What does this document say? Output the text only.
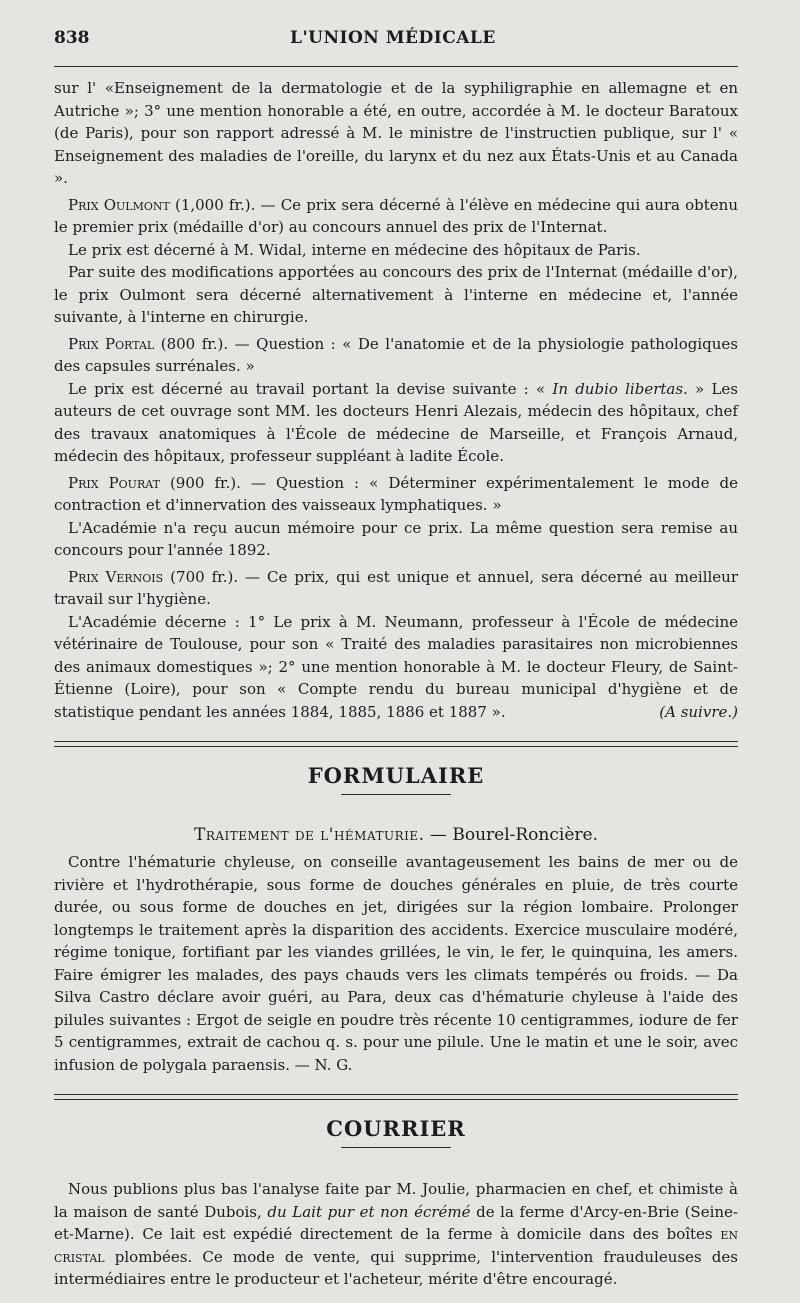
838	L'UNION MÉDICALE

sur l' «Enseignement de la dermatologie et de la syphiligraphie en allemagne et en Autriche »; 3° une mention honorable a été, en outre, accordée à M. le docteur Baratoux (de Paris), pour son rapport adressé à M. le ministre de l'instructien publique, sur l' « Enseignement des maladies de l'oreille, du larynx et du nez aux États-Unis et au Canada ».

Prix Oulmont (1,000 fr.). — Ce prix sera décerné à l'élève en médecine qui aura obtenu le premier prix (médaille d'or) au concours annuel des prix de l'Internat.

Le prix est décerné à M. Widal, interne en médecine des hôpitaux de Paris.

Par suite des modifications apportées au concours des prix de l'Internat (médaille d'or), le prix Oulmont sera décerné alternativement à l'interne en médecine et, l'année suivante, à l'interne en chirurgie.

Prix Portal (800 fr.). — Question : « De l'anatomie et de la physiologie pathologiques des capsules surrénales. »

Le prix est décerné au travail portant la devise suivante : « In dubio libertas. » Les auteurs de cet ouvrage sont MM. les docteurs Henri Alezais, médecin des hôpitaux, chef des travaux anatomiques à l'École de médecine de Marseille, et François Arnaud, médecin des hôpitaux, professeur suppléant à ladite École.

Prix Pourat (900 fr.). — Question : « Déterminer expérimentalement le mode de contraction et d'innervation des vaisseaux lymphatiques. »

L'Académie n'a reçu aucun mémoire pour ce prix. La même question sera remise au concours pour l'année 1892.

Prix Vernois (700 fr.). — Ce prix, qui est unique et annuel, sera décerné au meilleur travail sur l'hygiène.

L'Académie décerne : 1° Le prix à M. Neumann, professeur à l'École de médecine vétérinaire de Toulouse, pour son « Traité des maladies parasitaires non microbiennes des animaux domestiques »; 2° une mention honorable à M. le docteur Fleury, de Saint-Étienne (Loire), pour son « Compte rendu du bureau municipal d'hygiène et de statistique pendant les années 1884, 1885, 1886 et 1887 ».	(A suivre.)

FORMULAIRE
Traitement de l'hématurie. — Bourel-Roncière.

Contre l'hématurie chyleuse, on conseille avantageusement les bains de mer ou de rivière et l'hydrothérapie, sous forme de douches générales en pluie, de très courte durée, ou sous forme de douches en jet, dirigées sur la région lombaire. Prolonger longtemps le traitement après la disparition des accidents. Exercice musculaire modéré, régime tonique, fortifiant par les viandes grillées, le vin, le fer, le quinquina, les amers. Faire émigrer les malades, des pays chauds vers les climats tempérés ou froids. — Da Silva Castro déclare avoir guéri, au Para, deux cas d'hématurie chyleuse à l'aide des pilules suivantes : Ergot de seigle en poudre très récente 10 centigrammes, iodure de fer 5 centigrammes, extrait de cachou q. s. pour une pilule. Une le matin et une le soir, avec infusion de polygala paraensis. — N. G.

COURRIER

Nous publions plus bas l'analyse faite par M. Joulie, pharmacien en chef, et chimiste à la maison de santé Dubois, du Lait pur et non écrémé de la ferme d'Arcy-en-Brie (Seine-et-Marne). Ce lait est expédié directement de la ferme à domicile dans des boîtes en cristal plombées. Ce mode de vente, qui supprime, l'intervention frauduleuses des intermédiaires entre le producteur et l'acheteur, mérite d'être encouragé.
